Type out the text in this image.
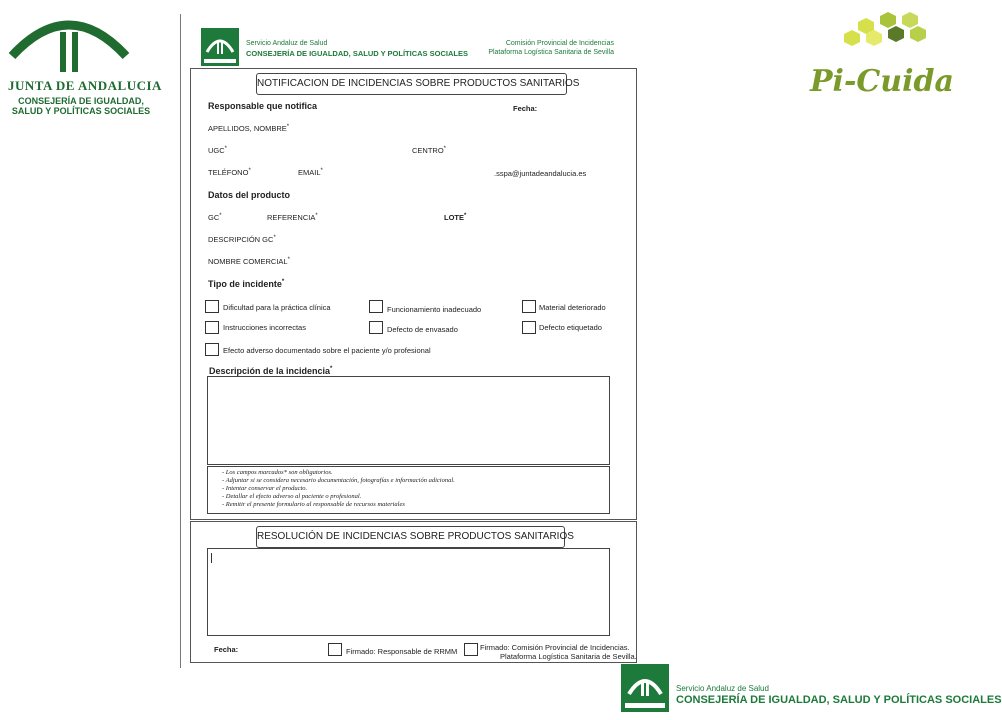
JUNTA DE ANDALUCIA
CONSEJERÍA DE IGUALDAD,
SALUD Y POLÍTICAS SOCIALES
Pi-Cuida
Servicio Andaluz de Salud
CONSEJERÍA DE IGUALDAD, SALUD Y POLÍTICAS SOCIALES
Comisión Provincial de Incidencias
Plataforma Logística Sanitaria de Sevilla
NOTIFICACION DE INCIDENCIAS SOBRE PRODUCTOS SANITARIOS
Responsable que notifica	Fecha:
APELLIDOS, NOMBRE*
UGC*	CENTRO*
TELÉFONO*	EMAIL*	.sspa@juntadeandalucia.es
Datos del producto
GC*	REFERENCIA*	LOTE*
DESCRIPCIÓN GC*
NOMBRE COMERCIAL*
Tipo de incidente*
Dificultad para la práctica clínica	Funcionamiento inadecuado	Material deteriorado
Instrucciones incorrectas	Defecto de envasado	Defecto etiquetado
Efecto adverso documentado sobre el paciente y/o profesional
Descripción de la incidencia*
- Los campos marcados* son obligatorios.
- Adjuntar si se considera necesario documentación, fotografías e información adicional.
- Intentar conservar el producto.
- Detallar el efecto adverso al paciente o profesional.
- Remitir el presente formulario al responsable de recursos materiales
RESOLUCIÓN DE INCIDENCIAS SOBRE PRODUCTOS SANITARIOS
Fecha:	Firmado: Responsable de RRMM	Firmado: Comisión Provincial de Incidencias.
Plataforma Logística Sanitaria de Sevilla.
Servicio Andaluz de Salud
CONSEJERÍA DE IGUALDAD, SALUD Y POLÍTICAS SOCIALES
